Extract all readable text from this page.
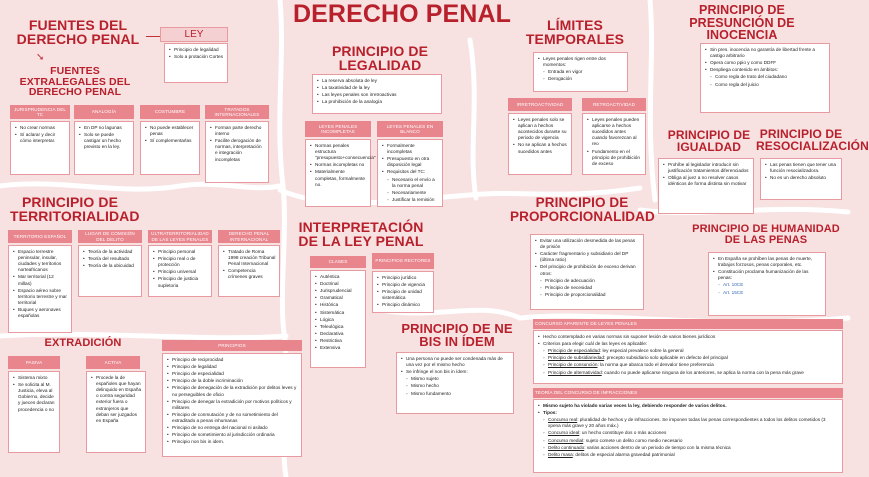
DERECHO PENAL
FUENTES DEL DERECHO PENAL	LEY
• Principio de legalidad
• Solo a protación Cortes
➘
FUENTES EXTRALEGALES DEL DERECHO PENAL
JURISPRUDENCIA DEL TC
• No crear normas
• Sí aclarar y decir cómo interpretar.
ANALOGÍA
• En DP no lagunas
• Solo se puede castigar un hecho previsto en la ley.
COSTUMBRE
• No puede establecer penas
• Sí complementarlas
TRATADOS INTERNACIONALES
• Forman parte derecho interno
• Facilite derogación de normas, interpretación e integración incompletas
PRINCIPIO DE LEGALIDAD
• La reserva absoluta de ley
• La taxatividad de la ley
• Las leyes penales son irretroactivas
• La prohibición de la analogía
LEYES PENALES INCOMPLETAS
• Normas penales estructura "presupuesto+consecuencia"
• Normas incompletas no
• Materialmente completas, formalmente no.
LEYES PENALES EN BLANCO
• Formalmente incompletas
• Presupuesto en otra disposición legal
• Requisitos del TC:
◦ Necesario el envío a la norma penal
◦ Necesariamente
◦ Justificar la remisión
LÍMITES TEMPORALES
• Leyes penales rigen entre dos momentos:
◦ Entrada en vigor
◦ Derogación
IRRETROACTIVIDAD
• Leyes penales solo se aplican a hechos acontecidos durante su periodo de vigencia
• No se aplican a hechos sucedidos antes
RETROACTIVIDAD
• Leyes penales pueden aplicarse a hechos sucedidos antes cuando favorezcan al reo
• Fundamento en el principio de prohibición de exceso
PRINCIPIO DE PRESUNCIÓN DE INOCENCIA
• Sin pres. inocencia no garantía de libertad frente a castigo arbitrario
• Opera como ppio y como DDFF
• Despliega contenido en ámbitos:
◦ Como regla de trato del ciudadano
◦ Como regla del juicio
PRINCIPIO DE IGUALDAD
• Prohíbe al legislador introducir sin justificación tratamientos diferenciados
• Obliga al juez a no resolver casos idénticos de forma distinta sin motivar
PRINCIPIO DE RESOCIALIZACIÓN
• Las penas tienen que tener una función resocializadora.
• No es un derecho absoluto
PRINCIPIO DE TERRITORIALIDAD
TERRITORIO ESPAÑOL
• Espacio terrestre peninsular, insular, ciudades y territorios norteafricanos
• Mar territorial (12 millas)
• Espacio aéreo sobre territorio terrestre y mar territorial
• Buques y aeronaves españolas
LUGAR DE COMISIÓN DEL DELITO
• Teoría de la actividad
• Teoría del resultado
• Teoría de la ubicuidad
ULTRATERRITORIALIDAD DE LAS LEYES PENALES
• Principio personal
• Principio real o de protección
• Principio universal
• Principio de justicia supletoria
DERECHO PENAL INTERNACIONAL
• Tratado de Roma 1998 creación Tribunal Penal Internacional
• Competencia crímenes graves
INTERPRETACIÓN DE LA LEY PENAL
CLASES
• Auténtica
• Doctrinal
• Jurisprudencial
• Gramatical
• Histórica
• Sistemática
• Lógica
• Teleológica
• Declarativa
• Restrictiva
• Extensiva
PRINCIPIOS RECTORES
• Principio jurídico
• Principio de vigencia
• Principio de unidad sistemática
• Principio dinámico
PRINCIPIO DE PROPORCIONALIDAD
• Evitar una utilización desmedida de las penas de prisión
• Carácter fragmentario y subsidiario del DP (última ratio)
• Del principio de prohibición de exceso derivan otros:
◦ Principio de adecuación
◦ Principio de necesidad
◦ Principio de proporcionalidad
PRINCIPIO DE HUMANIDAD DE LAS PENAS
• En España se prohíben las penas de muerte, trabajos forzosos, penas corporales, etc.
• Constitución proclama humanización de las penas:
◦ Art. 10CE
◦ Art. 15CE
PRINCIPIO DE NE BIS IN ÍDEM
• Una persona no puede ser condenada más de una vez por el mismo hecho
• Se infringe el non bis in ídem:
◦ Mismo sujeto
◦ Mismo hecho
◦ Mismo fundamento
EXTRADICIÓN
PASIVA
• Sistema mixto
• Se solicita al M. Justicia, eleva al Gobierno, decide y jueces declaran procedencia o no
ACTIVA
• Procede la de españoles que hayan delinquido en España o contra seguridad exterior fuera o extranjeros que deban ser juzgados en España
PRINCIPIOS
• Principio de reciprocidad
• Principio de legalidad
• Principio de especialidad
• Principio de la doble incriminación
• Principio de denegación de la extradición por delitos leves y no perseguibles de oficio
• Principio de denegar la extradición por motivos políticos y militares
• Principio de conmutación y de no sometimiento del extraditado a penas inhumanas
• Principio de no entrega del nacional ni asilado
• Principio de sometimiento al jurisdicción ordinaria
• Principio non bis in idem.
CONCURSO APARENTE DE LEYES PENALES
• Hecho contemplado en varias normas sin suponer lesión de varios bienes jurídicos
• Criterios para elegir cuál de las leyes es aplicable:
◦ Principio de especialidad: ley especial prevalece sobre la general
◦ Principio de subsidiariedad: precepto subsidiario solo aplicable en defecto del principal
◦ Principio de consunción: la norma que abarca todo el desvalor tiene preferencia
◦ Principio de alternatividad: cuando no puede aplicarse ninguna de los anteriores, se aplica la norma con la pena más grave
TEORÍA DEL CONCURSO DE INFRACCIONES
• Mismo sujeto ha violado varias veces la ley, debiendo responder de varios delitos.
• Tipos:
◦ Concurso real: pluralidad de hechos y de infracciones. Se imponen todas las penas correspondientes a todos los delitos cometidos (3 xpena más grave y 20 años máx.)
◦ Concurso ideal: un hecho constituye dos o más acciones
◦ Concurso medial: sujeto comete un delito como medio necesario
◦ Delito continuado: varias acciones dentro de un periodo de tiempo con la misma técnica
◦ Delito masa: delitos de especial alarma gravedad patrimonial
